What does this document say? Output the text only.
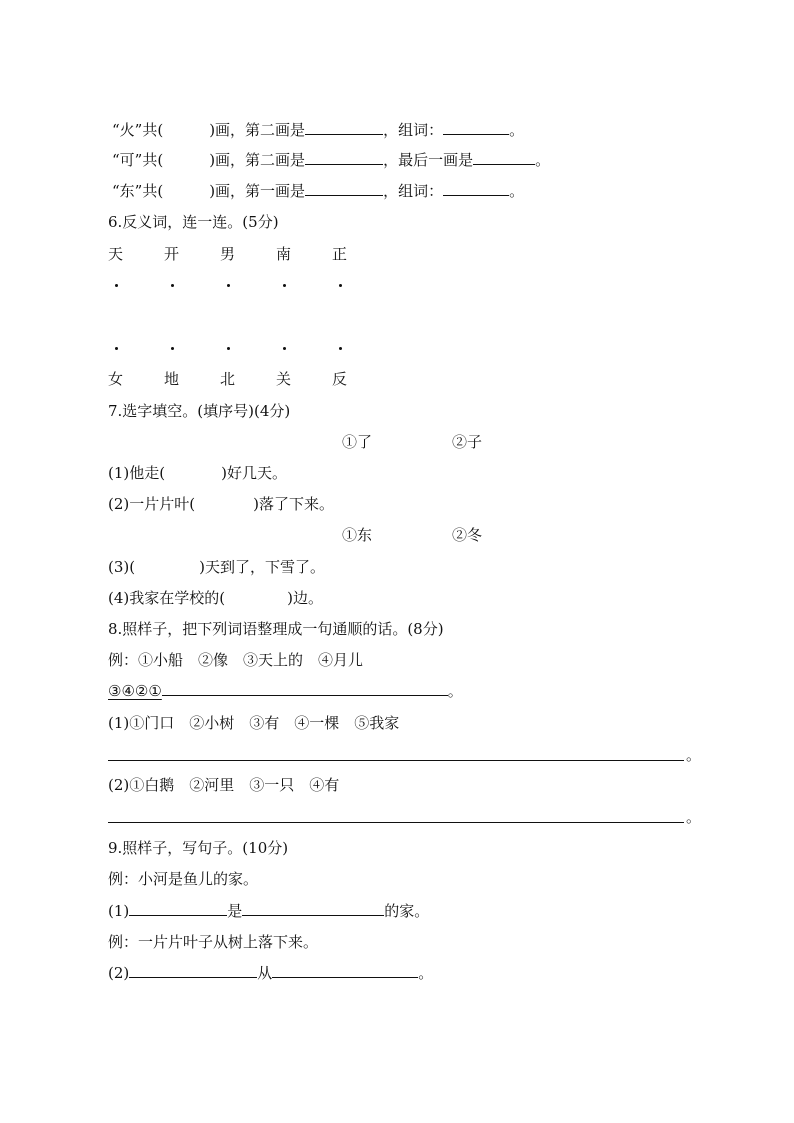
“火”共(	)画，第二画是	，组词：	。
“可”共(	)画，第二画是	，最后一画是	。
“东”共(	)画，第一画是	，组词：	。
6.反义词，连一连。(5分)
天	开	男	南	正
女	地	北	关	反
7.选字填空。(填序号)(4分)
①了	②子
(1)他走(	)好几天。
(2)一片片叶(	)落了下来。
①东	②冬
(3)(	)天到了，下雪了。
(4)我家在学校的(	)边。
8.照样子，把下列词语整理成一句通顺的话。(8分)
例：①小船　②像　③天上的　④月儿
③④②①	。
(1)①门口　②小树　③有　④一棵　⑤我家
。
(2)①白鹅　②河里　③一只　④有
。
9.照样子，写句子。(10分)
例：小河是鱼儿的家。
(1)	是	的家。
例：一片片叶子从树上落下来。
(2)	从	。
